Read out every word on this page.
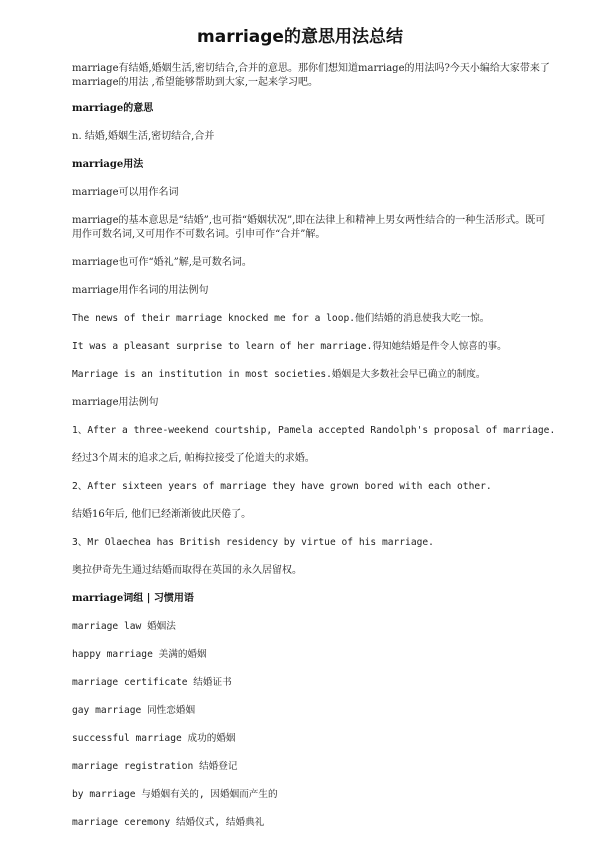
marriage的意思用法总结
marriage有结婚,婚姻生活,密切结合,合并的意思。那你们想知道marriage的用法吗?今天小编给大家带来了marriage的用法 ,希望能够帮助到大家,一起来学习吧。
marriage的意思
n. 结婚,婚姻生活,密切结合,合并
marriage用法
marriage可以用作名词
marriage的基本意思是“结婚”,也可指“婚姻状况”,即在法律上和精神上男女两性结合的一种生活形式。既可用作可数名词,又可用作不可数名词。引申可作“合并”解。
marriage也可作“婚礼”解,是可数名词。
marriage用作名词的用法例句
The news of their marriage knocked me for a loop.他们结婚的消息使我大吃一惊。
It was a pleasant surprise to learn of her marriage.得知她结婚是件令人惊喜的事。
Marriage is an institution in most societies.婚姻是大多数社会早已确立的制度。
marriage用法例句
1、After a three-weekend courtship, Pamela accepted Randolph's proposal of marriage.
经过3个周末的追求之后, 帕梅拉接受了伦道夫的求婚。
2、After sixteen years of marriage they have grown bored with each other.
结婚16年后, 他们已经渐渐彼此厌倦了。
3、Mr Olaechea has British residency by virtue of his marriage.
奥拉伊奇先生通过结婚而取得在英国的永久居留权。
marriage词组 | 习惯用语
marriage law 婚姻法
happy marriage 美满的婚姻
marriage certificate 结婚证书
gay marriage 同性恋婚姻
successful marriage 成功的婚姻
marriage registration 结婚登记
by marriage 与婚姻有关的, 因婚姻而产生的
marriage ceremony 结婚仪式, 结婚典礼
